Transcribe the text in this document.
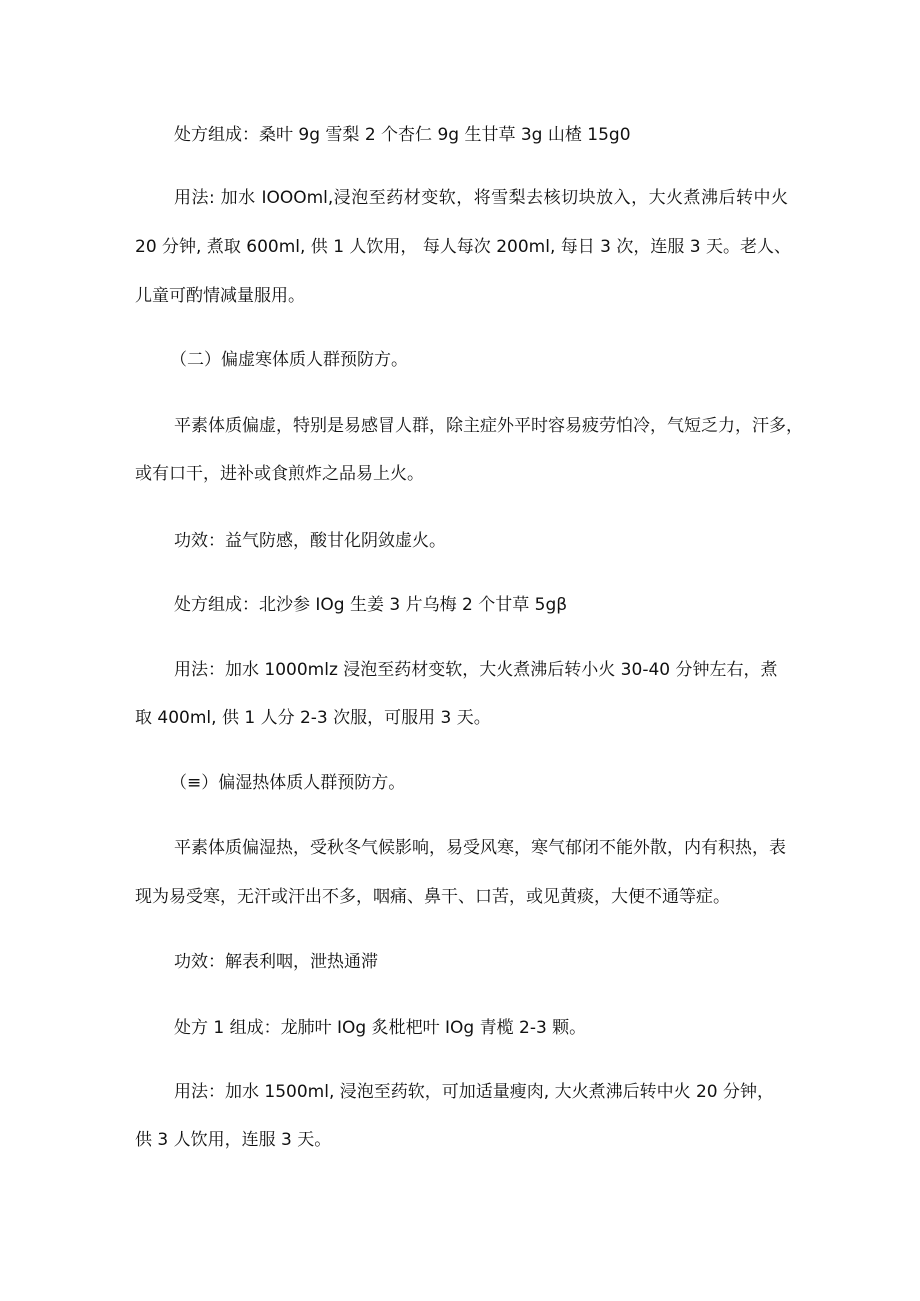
处方组成：桑叶 9g 雪梨 2 个杏仁 9g 生甘草 3g 山楂 15g0
用法: 加水 IOOOml,浸泡至药材变软，将雪梨去核切块放入，大火煮沸后转中火
20 分钟, 煮取 600ml, 供 1 人饮用， 每人每次 200ml, 每日 3 次，连服 3 天。老人、
儿童可酌情减量服用。
（二）偏虚寒体质人群预防方。
平素体质偏虚，特别是易感冒人群，除主症外平时容易疲劳怕冷，气短乏力，汗多，
或有口干，进补或食煎炸之品易上火。
功效：益气防感，酸甘化阴敛虚火。
处方组成：北沙参 IOg 生姜 3 片乌梅 2 个甘草 5gβ
用法：加水 1000mlz 浸泡至药材变软，大火煮沸后转小火 30-40 分钟左右，煮
取 400ml, 供 1 人分 2-3 次服，可服用 3 天。
（≡）偏湿热体质人群预防方。
平素体质偏湿热，受秋冬气候影响，易受风寒，寒气郁闭不能外散，内有积热，表
现为易受寒，无汗或汗出不多，咽痛、鼻干、口苦，或见黄痰，大便不通等症。
功效：解表利咽，泄热通滞
处方 1 组成：龙肺叶 IOg 炙枇杷叶 IOg 青榄 2-3 颗。
用法：加水 1500ml, 浸泡至药软，可加适量瘦肉, 大火煮沸后转中火 20 分钟，
供 3 人饮用，连服 3 天。
